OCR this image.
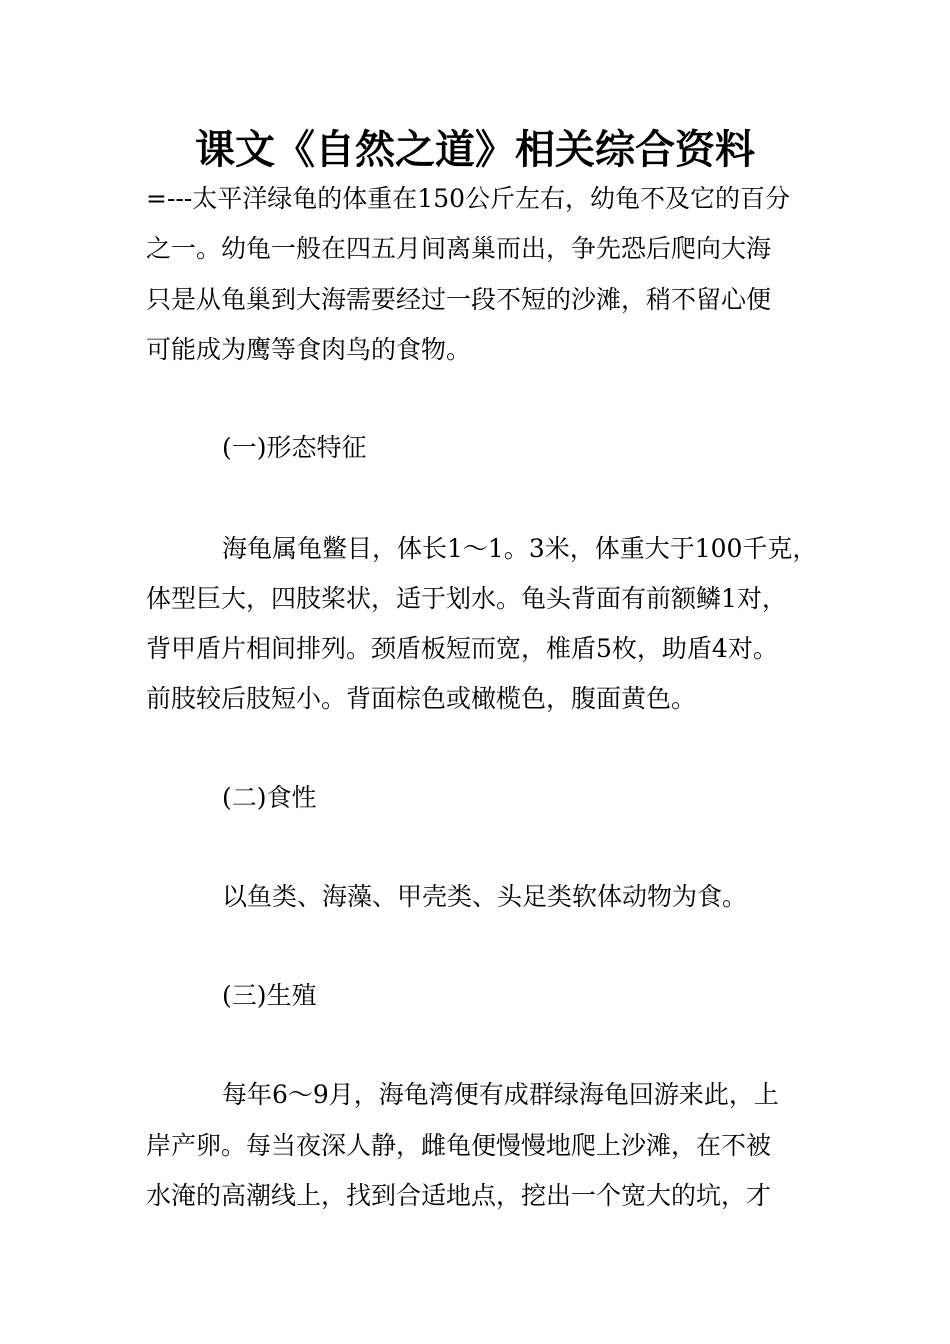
课文《自然之道》相关综合资料

=---太平洋绿龟的体重在150公斤左右，幼龟不及它的百分

之一。幼龟一般在四五月间离巢而出，争先恐后爬向大海

只是从龟巢到大海需要经过一段不短的沙滩，稍不留心便

可能成为鹰等食肉鸟的食物。

(一)形态特征

海龟属龟鳖目，体长1～1。3米，体重大于100千克，

体型巨大，四肢桨状，适于划水。龟头背面有前额鳞1对，

背甲盾片相间排列。颈盾板短而宽，椎盾5枚，助盾4对。

前肢较后肢短小。背面棕色或橄榄色，腹面黄色。

(二)食性

以鱼类、海藻、甲壳类、头足类软体动物为食。

(三)生殖

每年6～9月，海龟湾便有成群绿海龟回游来此，上

岸产卵。每当夜深人静，雌龟便慢慢地爬上沙滩，在不被

水淹的高潮线上，找到合适地点，挖出一个宽大的坑，才
